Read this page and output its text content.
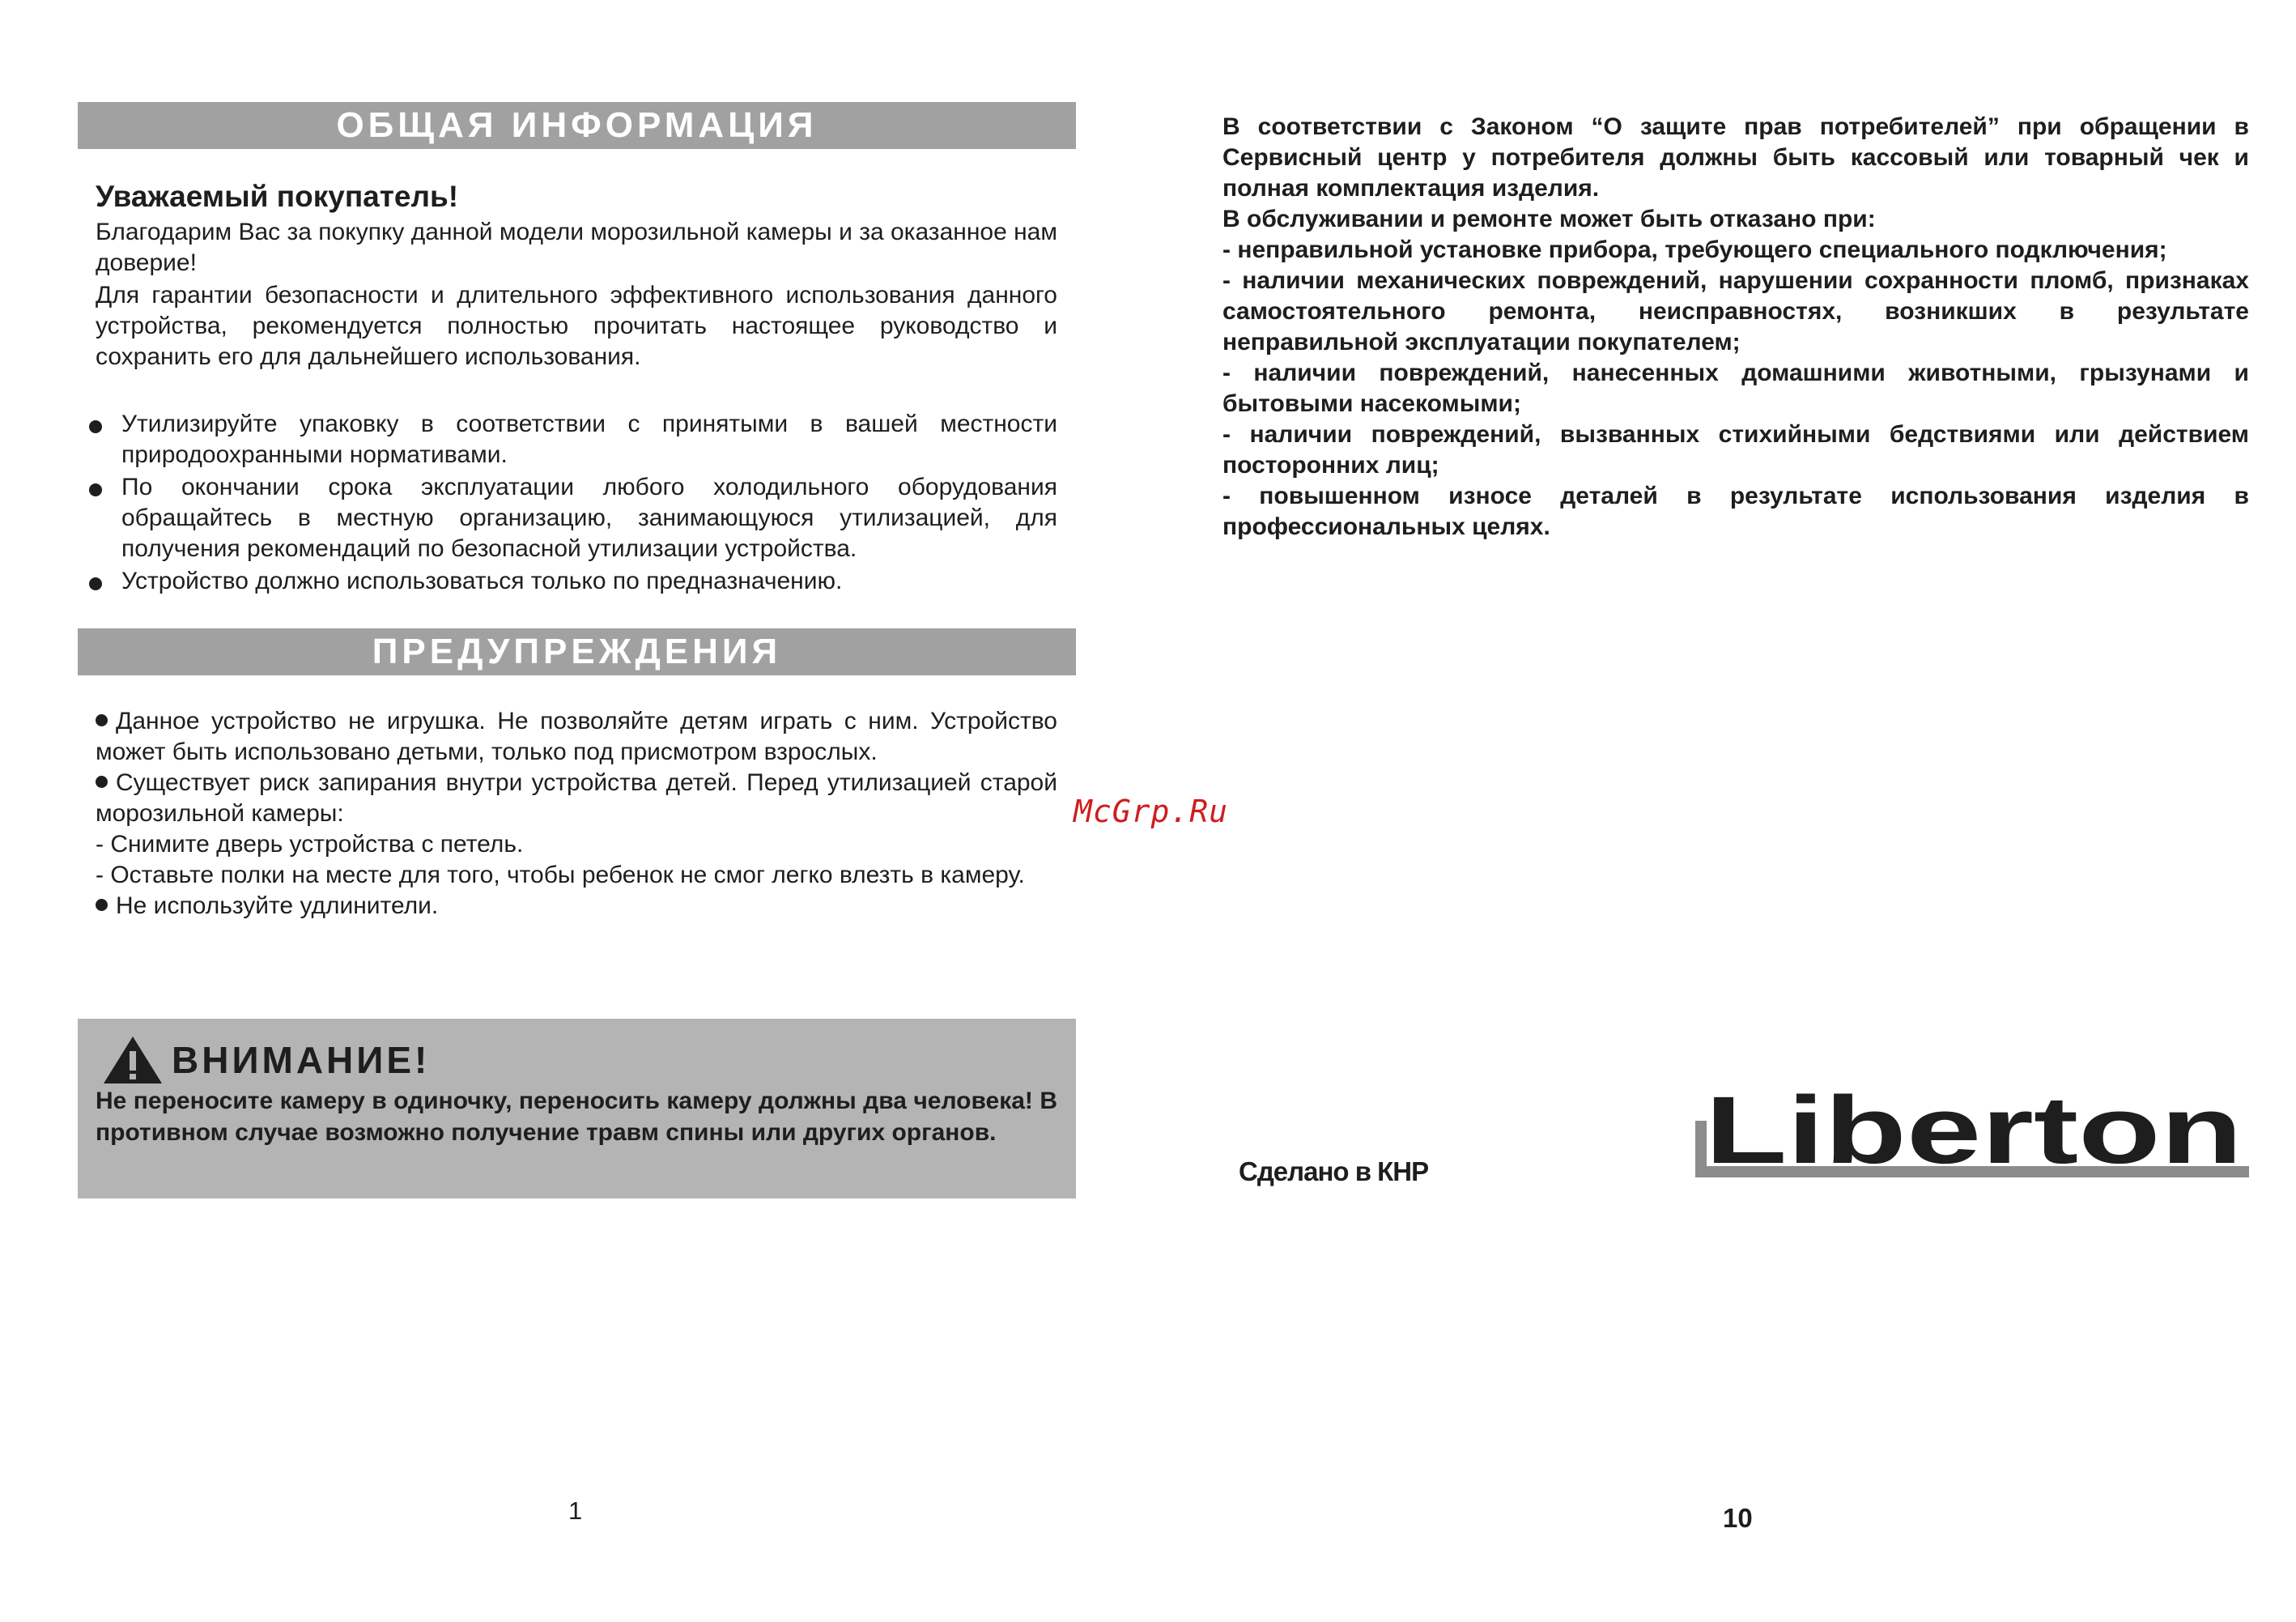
ОБЩАЯ ИНФОРМАЦИЯ

Уважаемый покупатель!

Благодарим Вас за покупку данной модели морозильной камеры и за оказанное нам доверие!

Для гарантии безопасности и длительного эффективного использования данного устройства, рекомендуется полностью прочитать настоящее руководство и сохранить его для дальнейшего использования.

Утилизируйте упаковку в соответствии с принятыми в вашей местности природоохранными нормативами.
По окончании срока эксплуатации любого холодильного оборудования обращайтесь в местную организацию, занимающуюся утилизацией, для получения рекомендаций по безопасной утилизации устройства.
Устройство должно использоваться только по предназначению.
ПРЕДУПРЕЖДЕНИЯ

Данное устройство не игрушка. Не позволяйте детям играть с ним. Устройство может быть использовано детьми, только под присмотром взрослых.

Существует риск запирания внутри устройства детей. Перед утилизацией старой морозильной камеры:

- Снимите дверь устройства с петель.

- Оставьте полки на месте для того, чтобы ребенок не смог легко влезть в камеру.

Не используйте удлинители.

ВНИМАНИЕ!

Не переносите камеру в одиночку, переносить камеру должны два человека! В противном случае возможно получение травм спины или других органов.

1
McGrp.Ru

В соответствии с Законом “О защите прав потребителей” при обращении в Сервисный центр у потребителя должны быть кассовый или товарный чек и полная комплектация изделия.

В обслуживании и ремонте может быть отказано при:

- неправильной установке прибора, требующего специального подключения;

- наличии механических повреждений, нарушении сохранности пломб, признаках самостоятельного ремонта, неисправностях, возникших в результате неправильной эксплуатации покупателем;

- наличии повреждений, нанесенных домашними животными, грызунами и бытовыми насекомыми;

- наличии повреждений, вызванных стихийными бедствиями или действием посторонних лиц;

- повышенном износе деталей в результате использования изделия в профессиональных целях.

Сделано в КНР	Liberton
10
